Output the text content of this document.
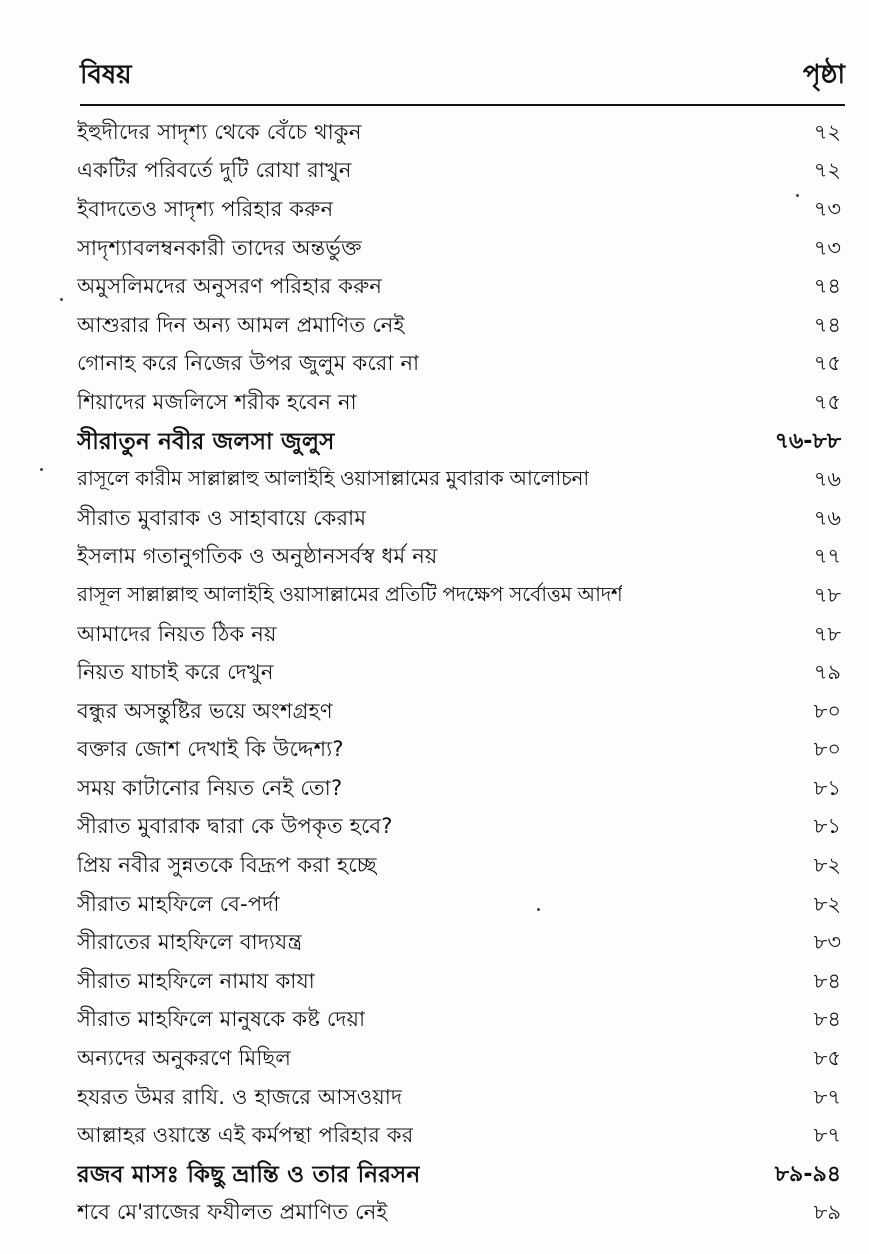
বিষয়	পৃষ্ঠা
ইহুদীদের সাদৃশ্য থেকে বেঁচে থাকুন	৭২
একটির পরিবর্তে দুটি রোযা রাখুন	৭২
ইবাদতেও সাদৃশ্য পরিহার করুন	৭৩
সাদৃশ্যাবলম্বনকারী তাদের অন্তর্ভুক্ত	৭৩
অমুসলিমদের অনুসরণ পরিহার করুন	৭৪
আশুরার দিন অন্য আমল প্রমাণিত নেই	৭৪
গোনাহ করে নিজের উপর জুলুম করো না	৭৫
শিয়াদের মজলিসে শরীক হবেন না	৭৫
সীরাতুন নবীর জলসা জুলুস	৭৬-৮৮
রাসূলে কারীম সাল্লাল্লাহু আলাইহি ওয়াসাল্লামের মুবারাক আলোচনা	৭৬
সীরাত মুবারাক ও সাহাবায়ে কেরাম	৭৬
ইসলাম গতানুগতিক ও অনুষ্ঠানসর্বস্ব ধর্ম নয়	৭৭
রাসূল সাল্লাল্লাহু আলাইহি ওয়াসাল্লামের প্রতিটি পদক্ষেপ সর্বোত্তম আদর্শ	৭৮
আমাদের নিয়ত ঠিক নয়	৭৮
নিয়ত যাচাই করে দেখুন	৭৯
বন্ধুর অসন্তুষ্টির ভয়ে অংশগ্রহণ	৮০
বক্তার জোশ দেখাই কি উদ্দেশ্য?	৮০
সময় কাটানোর নিয়ত নেই তো?	৮১
সীরাত মুবারাক দ্বারা কে উপকৃত হবে?	৮১
প্রিয় নবীর সুন্নতকে বিদ্রূপ করা হচ্ছে	৮২
সীরাত মাহফিলে বে-পর্দা	৮২
সীরাতের মাহফিলে বাদ্যযন্ত্র	৮৩
সীরাত মাহফিলে নামায কাযা	৮৪
সীরাত মাহফিলে মানুষকে কষ্ট দেয়া	৮৪
অন্যদের অনুকরণে মিছিল	৮৫
হযরত উমর রাযি. ও হাজরে আসওয়াদ	৮৭
আল্লাহর ওয়াস্তে এই কর্মপন্থা পরিহার কর	৮৭
রজব মাসঃ কিছু ভ্রান্তি ও তার নিরসন	৮৯-৯৪
শবে মে'রাজের ফযীলত প্রমাণিত নেই	৮৯
